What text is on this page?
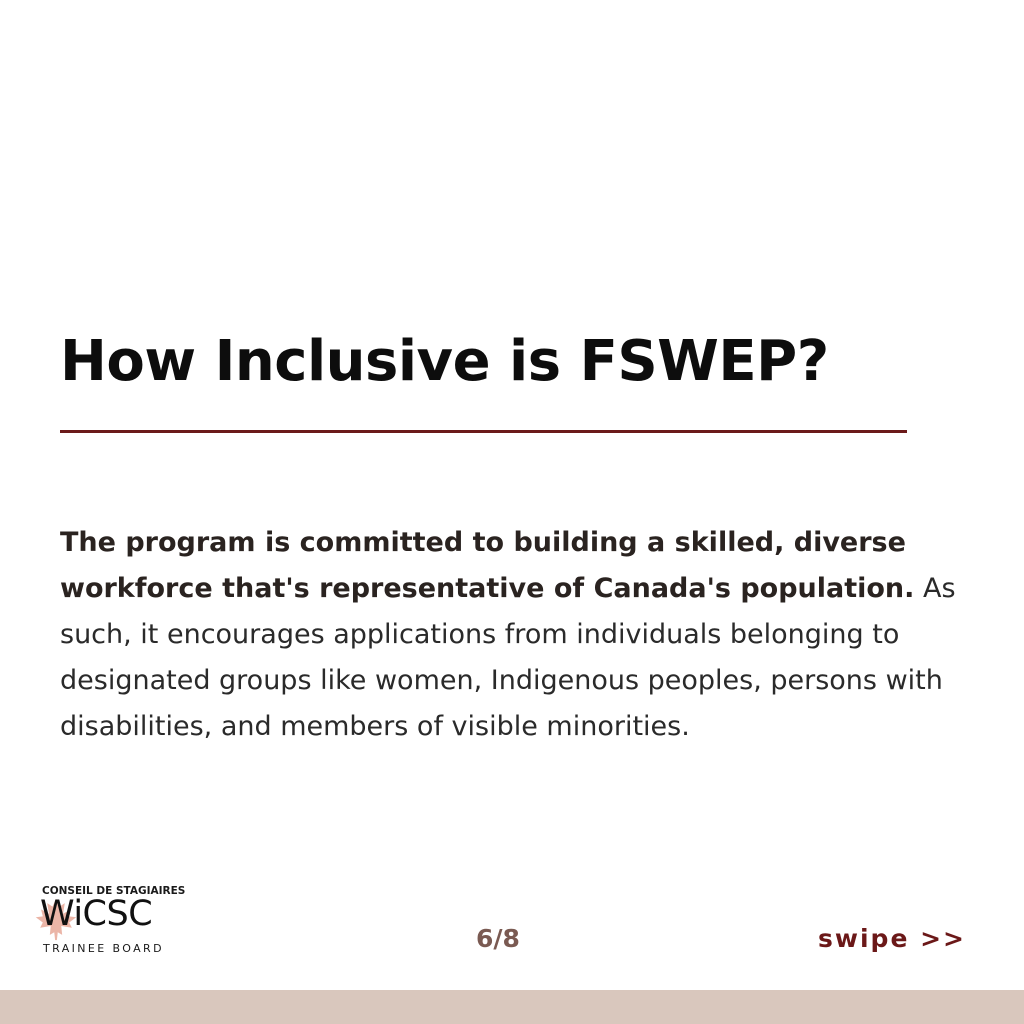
How Inclusive is FSWEP?

The program is committed to building a skilled, diverse workforce that's representative of Canada's population. As such, it encourages applications from individuals belonging to designated groups like women, Indigenous peoples, persons with disabilities, and members of visible minorities.

CONSEIL DE STAGIAIRES
WiCSC
TRAINEE BOARD	6/8	swipe >>
